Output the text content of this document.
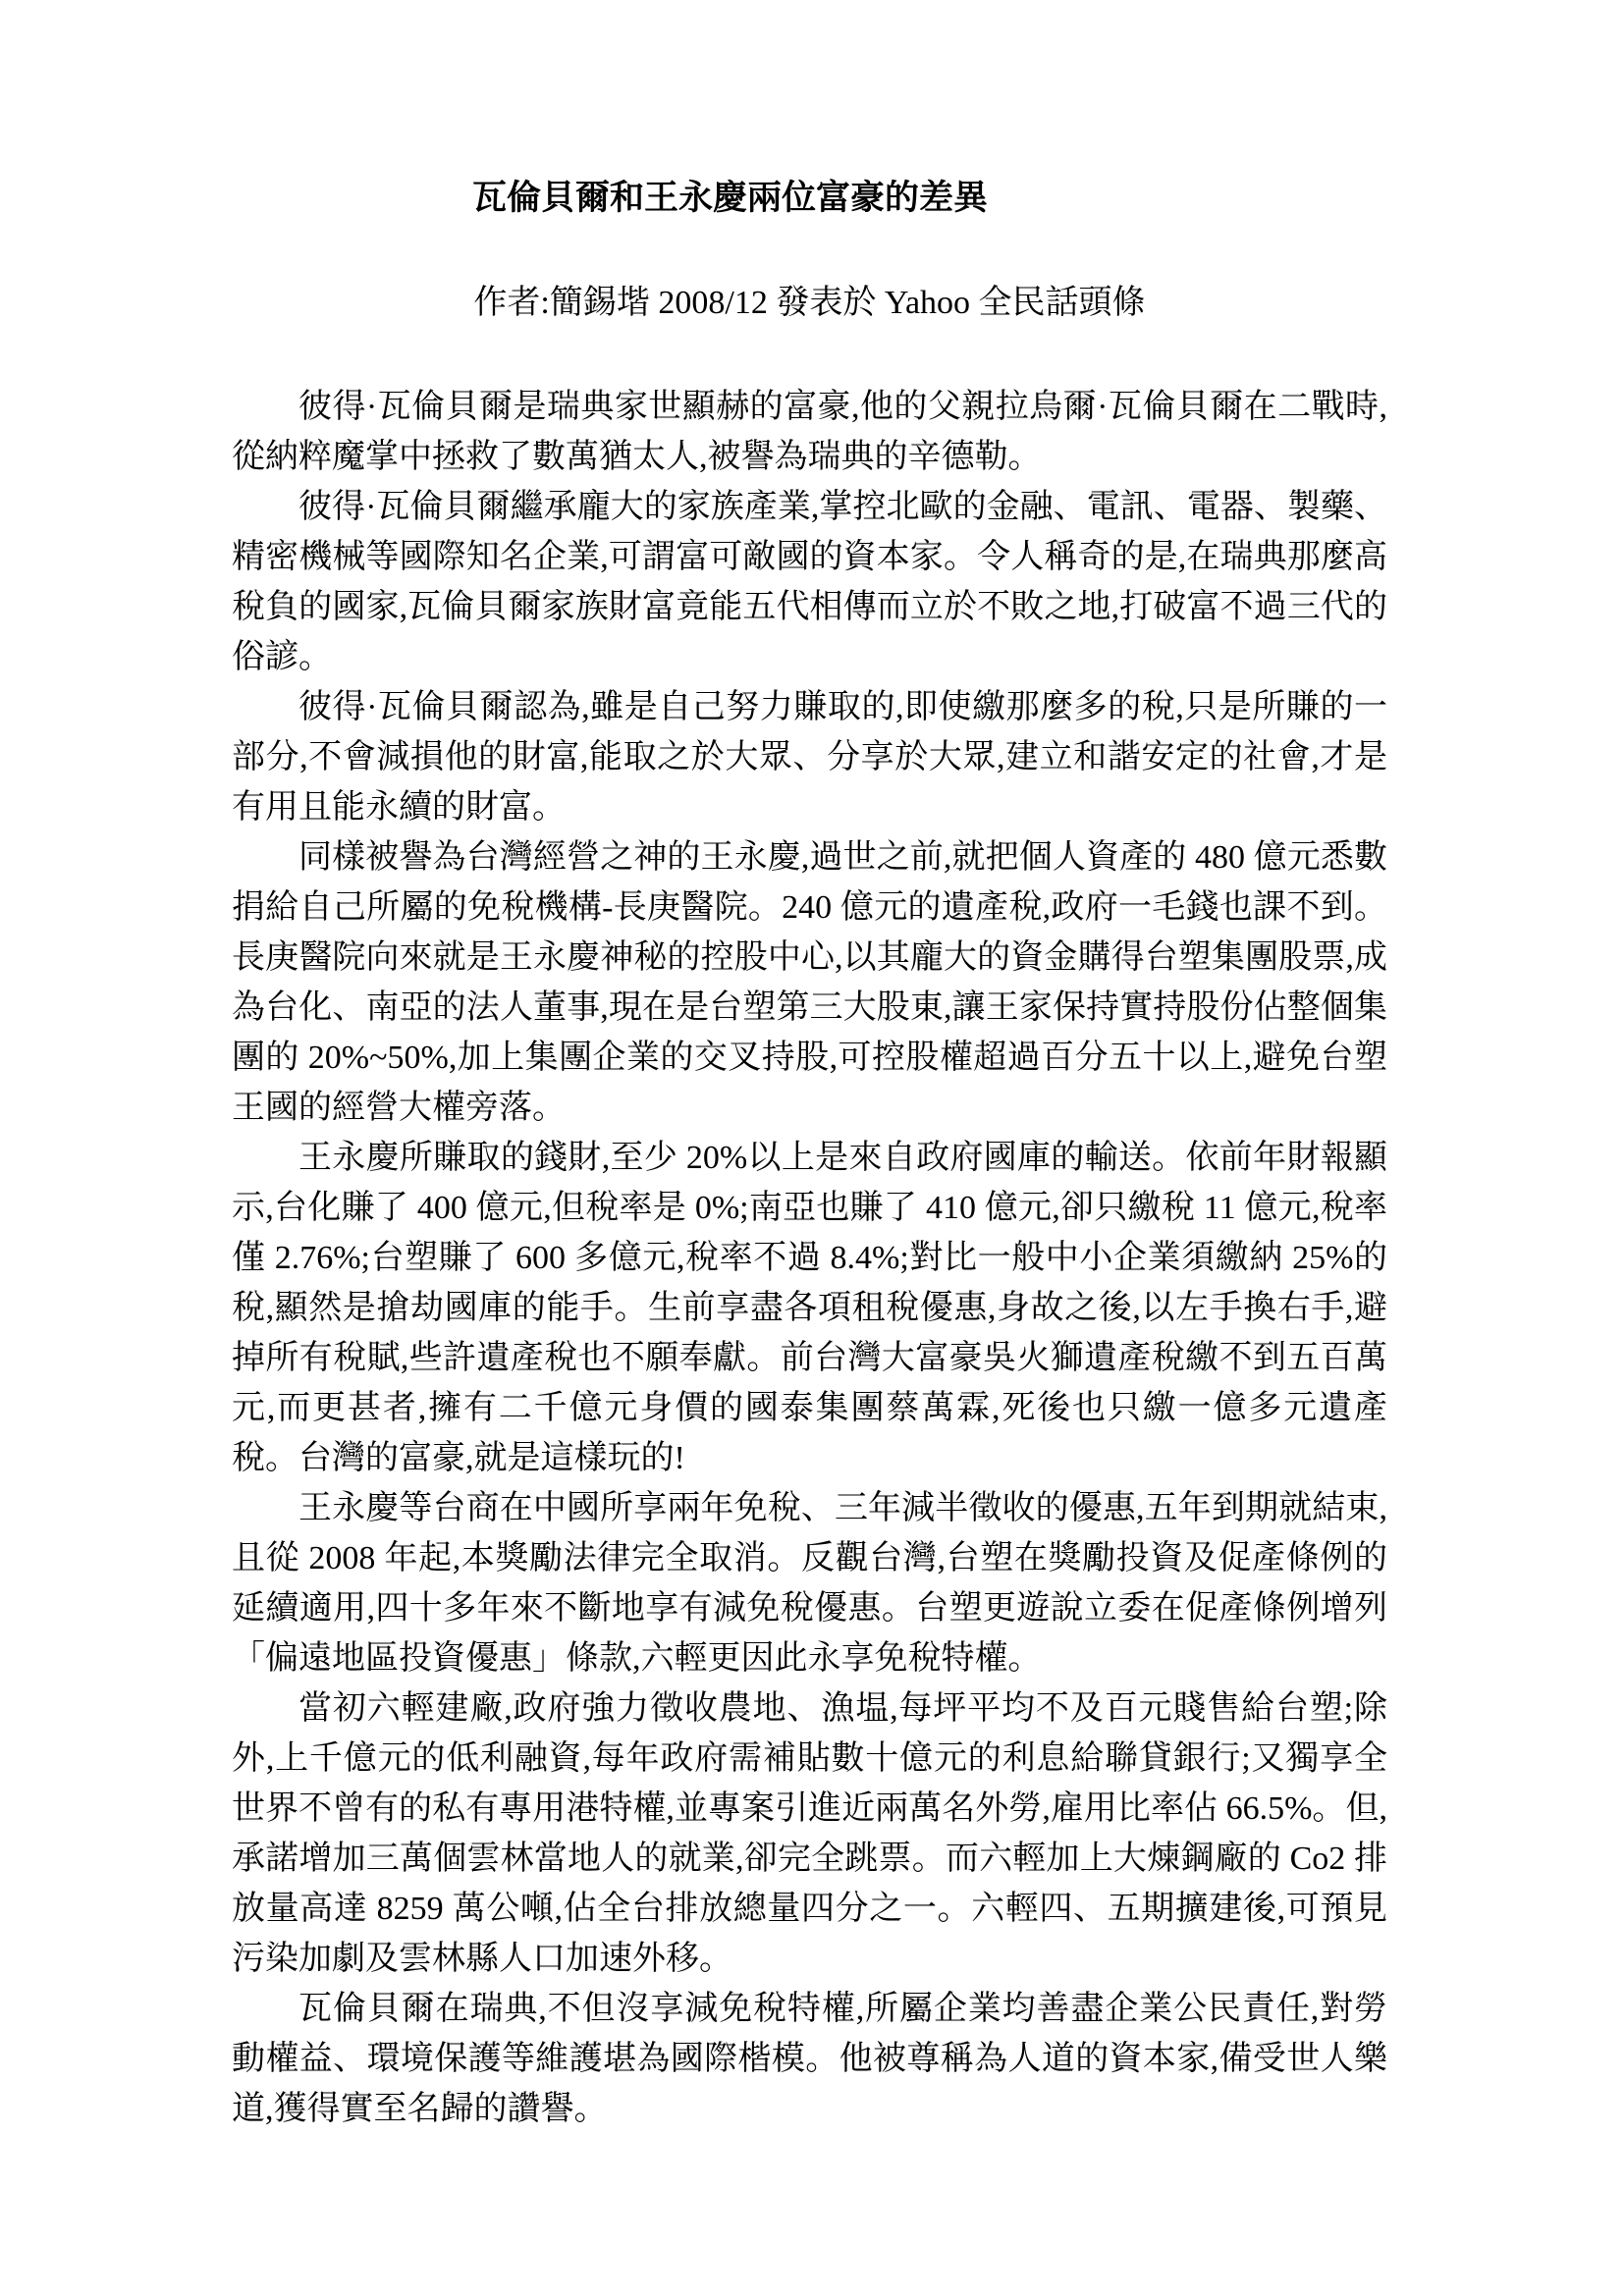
瓦倫貝爾和王永慶兩位富豪的差異
作者:簡錫堦 2008/12 發表於 Yahoo 全民話頭條

彼得·瓦倫貝爾是瑞典家世顯赫的富豪,他的父親拉烏爾·瓦倫貝爾在二戰時,從納粹魔掌中拯救了數萬猶太人,被譽為瑞典的辛德勒。

彼得·瓦倫貝爾繼承龐大的家族產業,掌控北歐的金融、電訊、電器、製藥、精密機械等國際知名企業,可謂富可敵國的資本家。令人稱奇的是,在瑞典那麼高稅負的國家,瓦倫貝爾家族財富竟能五代相傳而立於不敗之地,打破富不過三代的俗諺。

彼得·瓦倫貝爾認為,雖是自己努力賺取的,即使繳那麼多的稅,只是所賺的一部分,不會減損他的財富,能取之於大眾、分享於大眾,建立和諧安定的社會,才是有用且能永續的財富。

同樣被譽為台灣經營之神的王永慶,過世之前,就把個人資產的 480 億元悉數捐給自己所屬的免稅機構-長庚醫院。240 億元的遺產稅,政府一毛錢也課不到。長庚醫院向來就是王永慶神秘的控股中心,以其龐大的資金購得台塑集團股票,成為台化、南亞的法人董事,現在是台塑第三大股東,讓王家保持實持股份佔整個集團的 20%~50%,加上集團企業的交叉持股,可控股權超過百分五十以上,避免台塑王國的經營大權旁落。

王永慶所賺取的錢財,至少 20%以上是來自政府國庫的輸送。依前年財報顯示,台化賺了 400 億元,但稅率是 0%;南亞也賺了 410 億元,卻只繳稅 11 億元,稅率僅 2.76%;台塑賺了 600 多億元,稅率不過 8.4%;對比一般中小企業須繳納 25%的稅,顯然是搶劫國庫的能手。生前享盡各項租稅優惠,身故之後,以左手換右手,避掉所有稅賦,些許遺產稅也不願奉獻。前台灣大富豪吳火獅遺產稅繳不到五百萬元,而更甚者,擁有二千億元身價的國泰集團蔡萬霖,死後也只繳一億多元遺產稅。台灣的富豪,就是這樣玩的!

王永慶等台商在中國所享兩年免稅、三年減半徵收的優惠,五年到期就結束,且從 2008 年起,本獎勵法律完全取消。反觀台灣,台塑在獎勵投資及促產條例的延續適用,四十多年來不斷地享有減免稅優惠。台塑更遊說立委在促產條例增列「偏遠地區投資優惠」條款,六輕更因此永享免稅特權。

當初六輕建廠,政府強力徵收農地、漁塭,每坪平均不及百元賤售給台塑;除外,上千億元的低利融資,每年政府需補貼數十億元的利息給聯貸銀行;又獨享全世界不曾有的私有專用港特權,並專案引進近兩萬名外勞,雇用比率佔 66.5%。但,承諾增加三萬個雲林當地人的就業,卻完全跳票。而六輕加上大煉鋼廠的 Co2 排放量高達 8259 萬公噸,佔全台排放總量四分之一。六輕四、五期擴建後,可預見污染加劇及雲林縣人口加速外移。

瓦倫貝爾在瑞典,不但沒享減免稅特權,所屬企業均善盡企業公民責任,對勞動權益、環境保護等維護堪為國際楷模。他被尊稱為人道的資本家,備受世人樂道,獲得實至名歸的讚譽。
